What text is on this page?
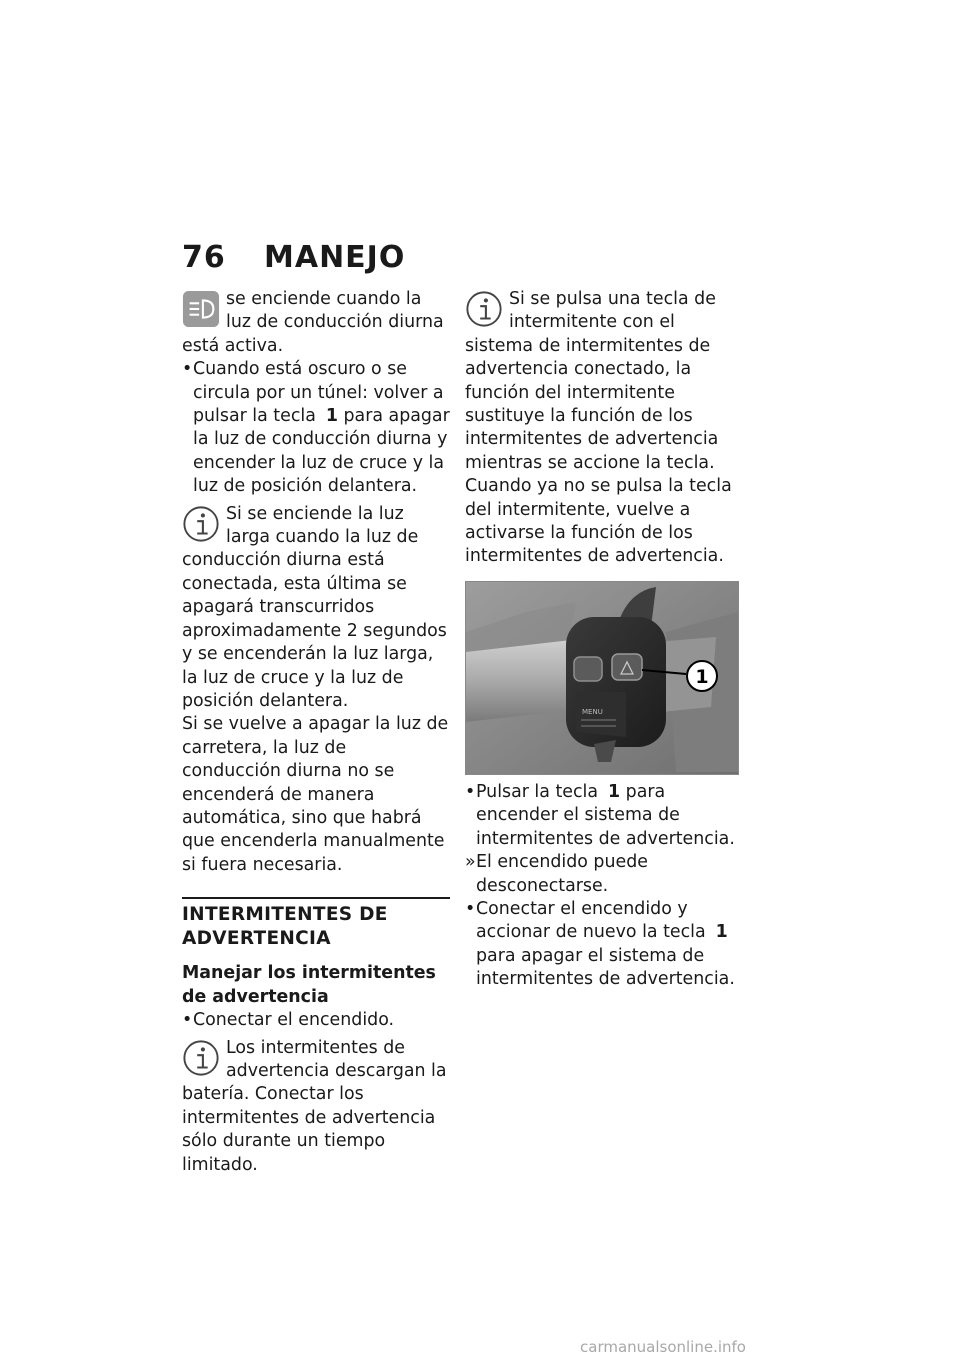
76 MANEJO
se enciende cuando la luz de conducción diurna está activa.
• Cuando está oscuro o se circula por un túnel: volver a pulsar la tecla 1 para apagar la luz de conducción diurna y encender la luz de cruce y la luz de posición delantera.
Si se enciende la luz larga cuando la luz de conducción diurna está conectada, esta última se apagará transcurridos aproximadamente 2 segundos y se encenderán la luz larga, la luz de cruce y la luz de posición delantera.

Si se vuelve a apagar la luz de carretera, la luz de conducción diurna no se encenderá de manera automática, sino que habrá que encenderla manualmente si fuera necesaria.

INTERMITENTES DE ADVERTENCIA
Manejar los intermitentes de advertencia
• Conectar el encendido.
Los intermitentes de advertencia descargan la batería. Conectar los intermitentes de advertencia sólo durante un tiempo limitado.
Si se pulsa una tecla de intermitente con el sistema de intermitentes de advertencia conectado, la función del intermitente sustituye la función de los intermitentes de advertencia mientras se accione la tecla. Cuando ya no se pulsa la tecla del intermitente, vuelve a activarse la función de los intermitentes de advertencia.
MENU
1
• Pulsar la tecla 1 para encender el sistema de intermitentes de advertencia.
» El encendido puede desconectarse.
• Conectar el encendido y accionar de nuevo la tecla 1 para apagar el sistema de intermitentes de advertencia.
carmanualsonline.info
